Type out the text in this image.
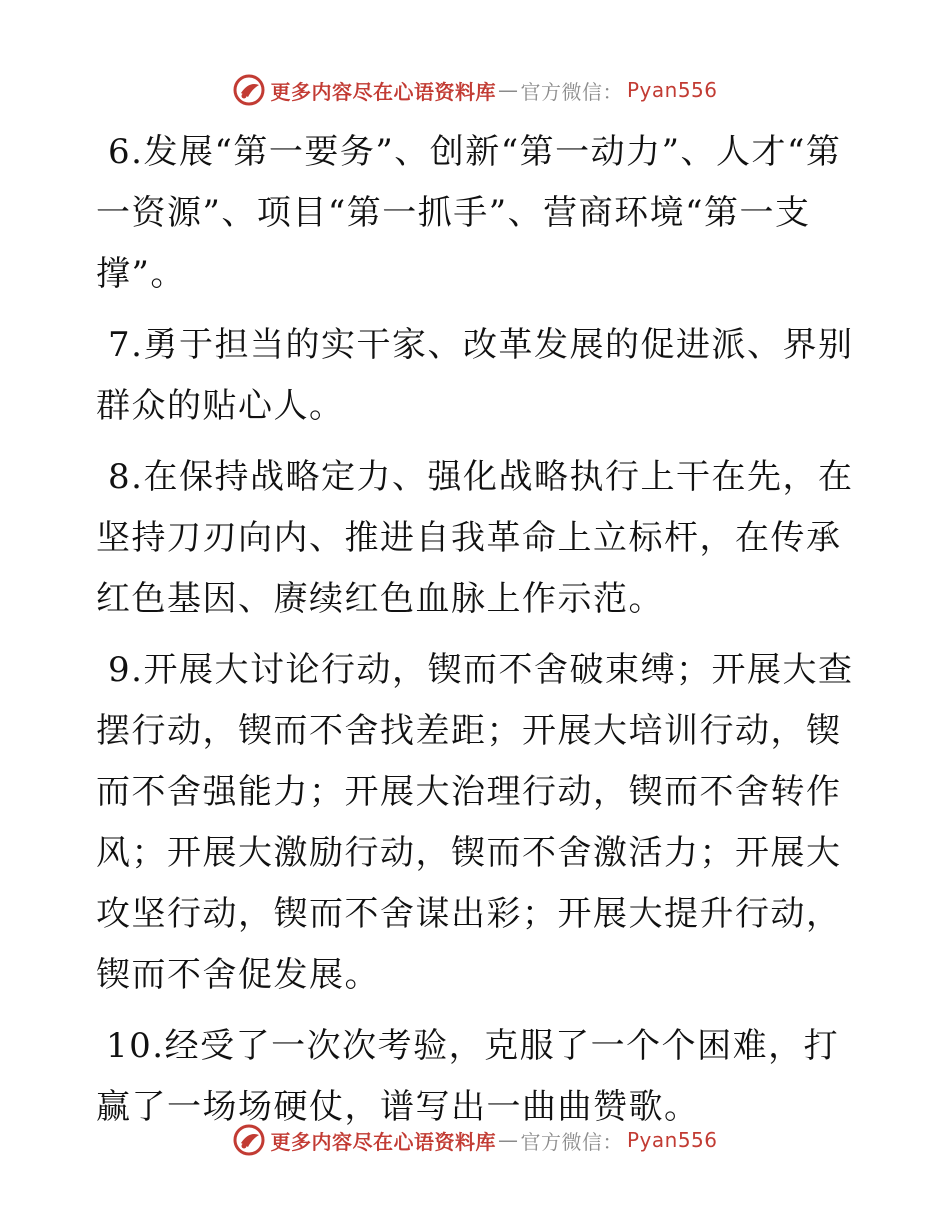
更多内容尽在心语资料库 — 官方微信： Pyan556

6.发展“第一要务”、创新“第一动力”、人才“第一资源”、项目“第一抓手”、营商环境“第一支撑”。

7.勇于担当的实干家、改革发展的促进派、界别群众的贴心人。

8.在保持战略定力、强化战略执行上干在先，在坚持刀刃向内、推进自我革命上立标杆，在传承红色基因、赓续红色血脉上作示范。

9.开展大讨论行动，锲而不舍破束缚；开展大查摆行动，锲而不舍找差距；开展大培训行动，锲而不舍强能力；开展大治理行动，锲而不舍转作风；开展大激励行动，锲而不舍激活力；开展大攻坚行动，锲而不舍谋出彩；开展大提升行动，锲而不舍促发展。

10.经受了一次次考验，克服了一个个困难，打赢了一场场硬仗，谱写出一曲曲赞歌。

更多内容尽在心语资料库 — 官方微信： Pyan556
